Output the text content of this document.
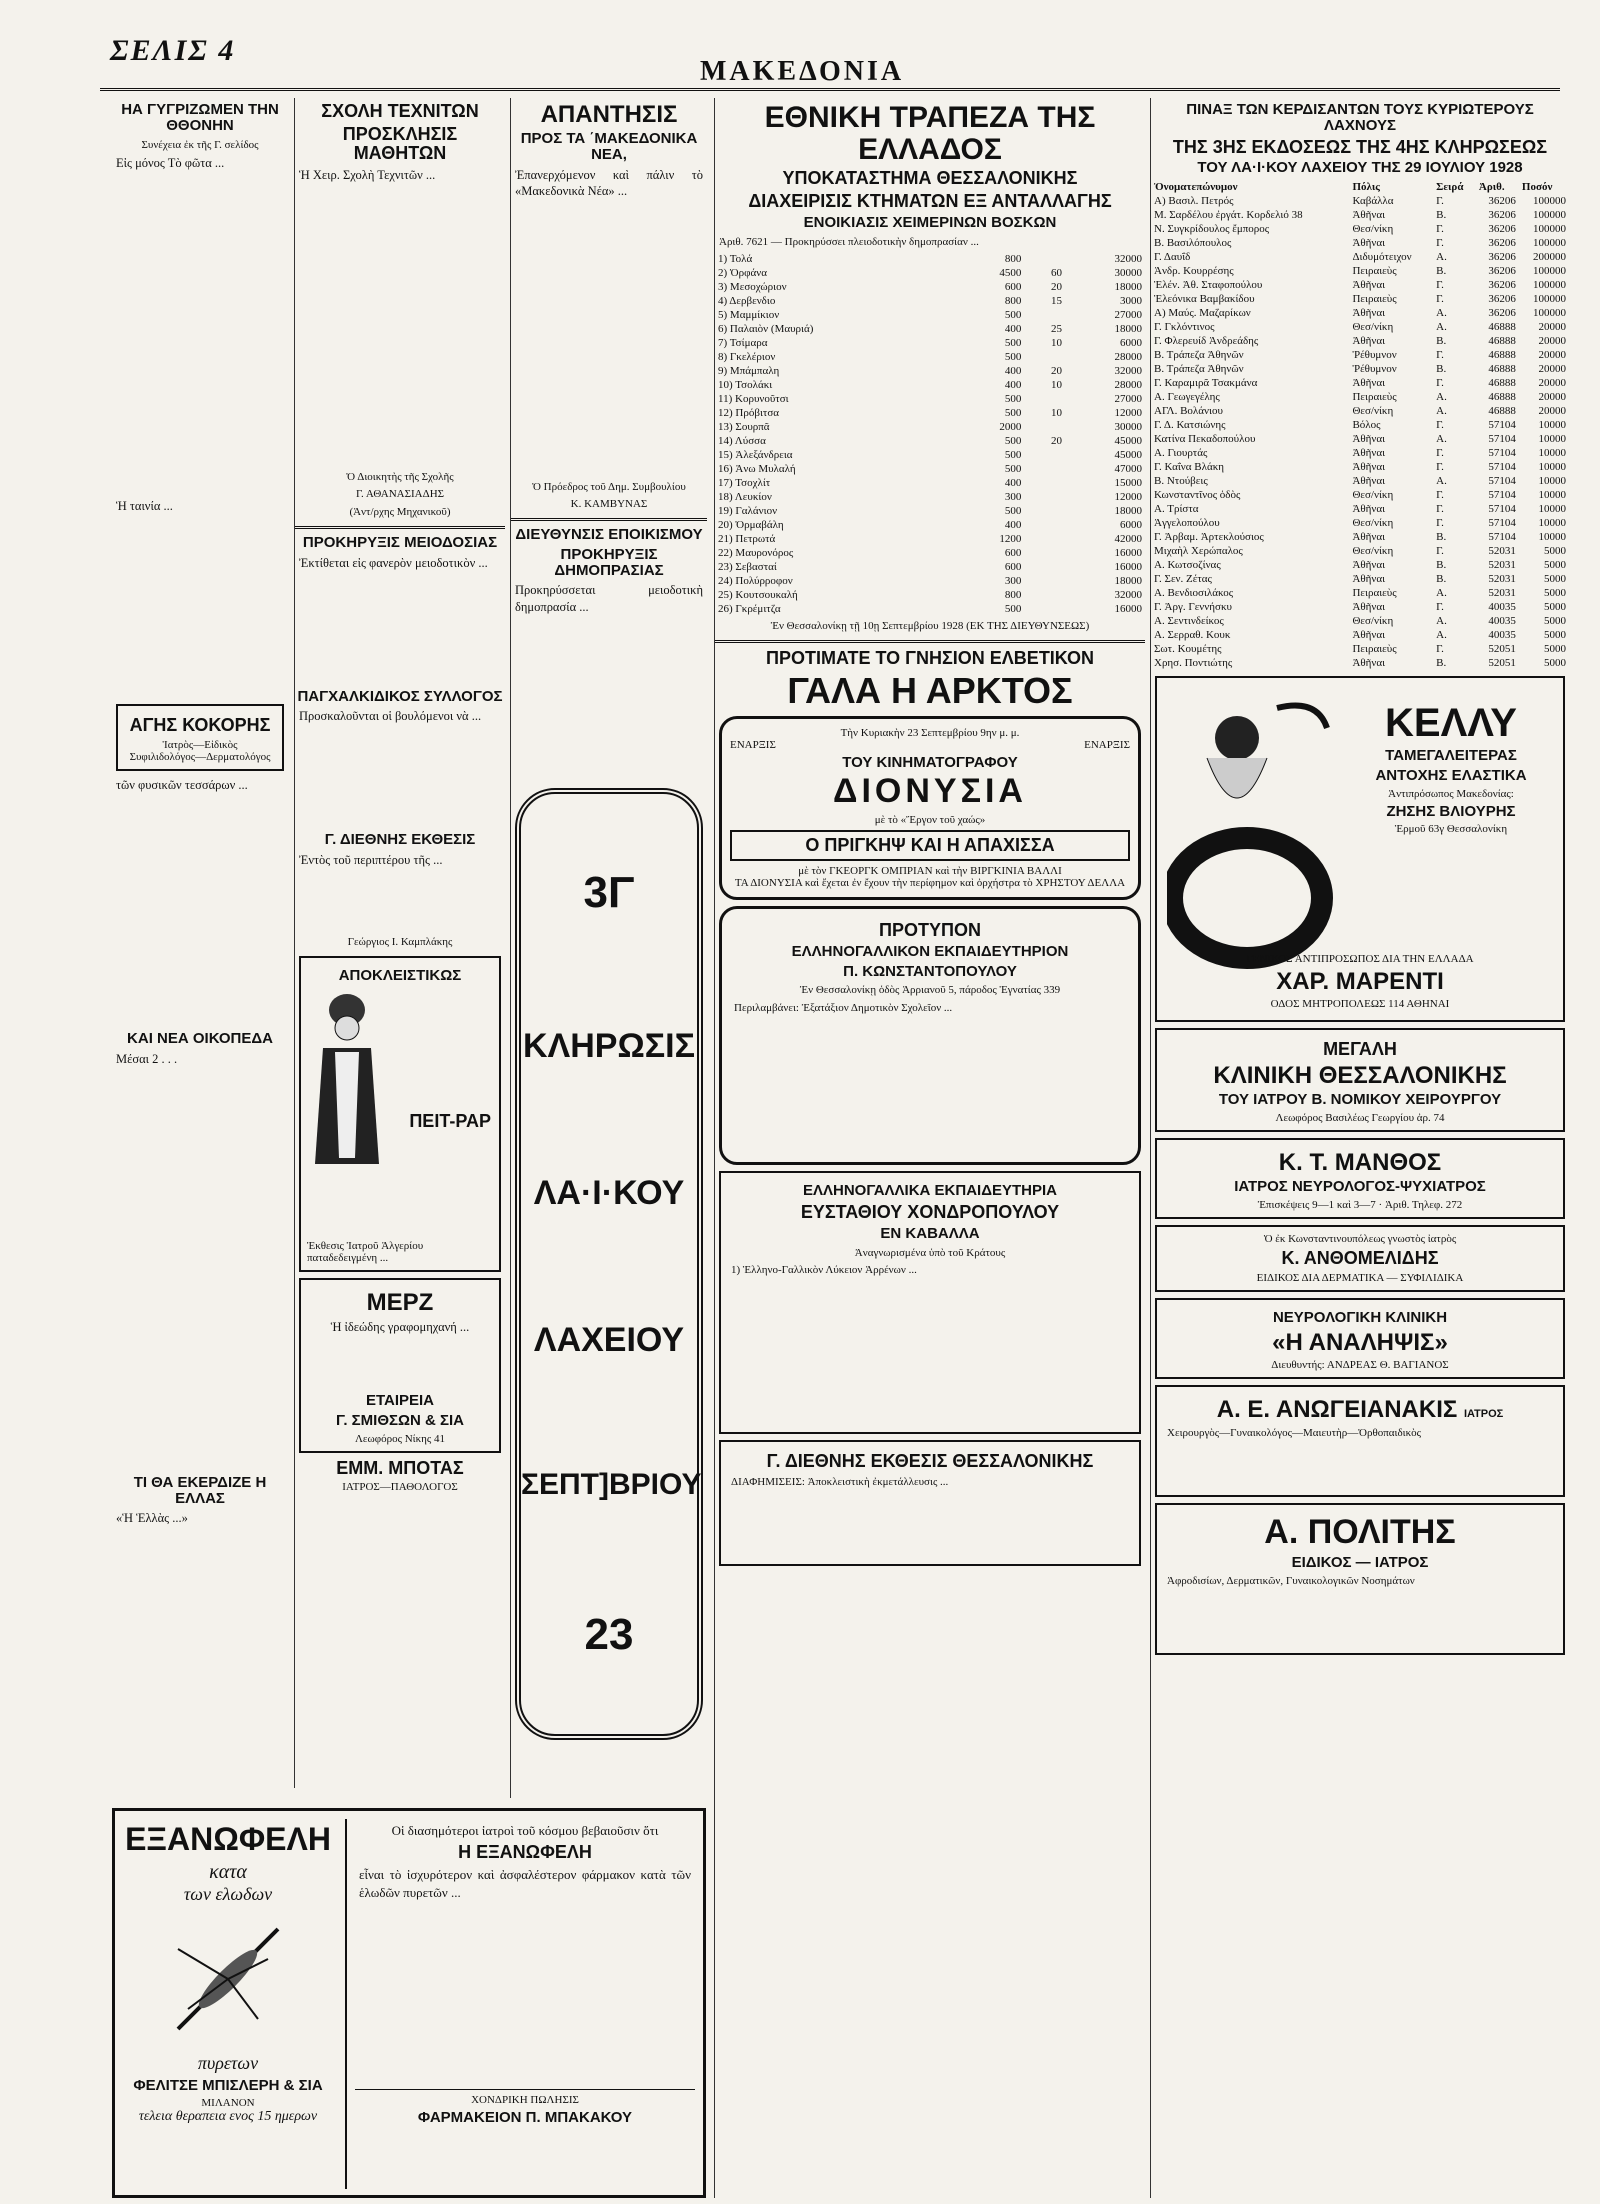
ΣΕΛΙΣ 4
ΜΑΚΕΔΟΝΙΑ
ΗΑ ΓΥΓΡΙΖΩΜΕΝ ΤΗΝ ΘΘΟΝΗΝ
Συνέχεια ἐκ τῆς Γ. σελίδος
Εἰς μόνος Τὸ φῶτα ...
Ἡ ταινία ...
ΑΓΗΣ ΚΟΚΟΡΗΣ
Ἰατρὸς—Εἰδικὸς
Συφιλιδολόγος—Δερματολόγος
τῶν φυσικῶν τεσσάρων ...
ΚΑΙ ΝΕΑ ΟΙΚΟΠΕΔΑ
Μέσαι 2 . . .
ΤΙ ΘΑ ΕΚΕΡΔΙΖΕ Η ΕΛΛΑΣ
«Ἡ Ἑλλὰς ...»
ΣΧΟΛΗ ΤΕΧΝΙΤΩΝ
ΠΡΟΣΚΛΗΣΙΣ ΜΑΘΗΤΩΝ
Ἡ Χειρ. Σχολὴ Τεχνιτῶν ...
Ὁ Διοικητὴς τῆς Σχολῆς
Γ. ΑΘΑΝΑΣΙΑΔΗΣ
(Ἀντ/ρχης Μηχανικοῦ)
ΠΡΟΚΗΡΥΞΙΣ ΜΕΙΟΔΟΣΙΑΣ
Ἐκτίθεται εἰς φανερὸν μειοδοτικὸν ...
ΠΑΓΧΑΛΚΙΔΙΚΟΣ ΣΥΛΛΟΓΟΣ
Προσκαλοῦνται οἱ βουλόμενοι νὰ ...
Γ. ΔΙΕΘΝΗΣ ΕΚΘΕΣΙΣ
Ἐντὸς τοῦ περιπτέρου τῆς ...
Γεώργιος Ι. Καμπλάκης
ΑΠΟΚΛΕΙΣΤΙΚΩΣ
ΠΕΙΤ-ΡΑΡ
Ἐκθεσις Ἰατροῦ Ἀλγερίου παταδεδειγμένη ...
ΜΕΡΖ
Ἡ ἰδεώδης γραφομηχανή ...
ΕΤΑΙΡΕΙΑ
Γ. ΣΜΙΘΣΩΝ & ΣΙΑ
Λεωφόρος Νίκης 41
ΕΜΜ. ΜΠΟΤΑΣ
ΙΑΤΡΟΣ—ΠΑΘΟΛΟΓΟΣ
ΑΠΑΝΤΗΣΙΣ
ΠΡΟΣ ΤΑ ΄ΜΑΚΕΔΟΝΙΚΑ ΝΕΑ,
Ἐπανερχόμενον καὶ πάλιν τὸ «Μακεδονικὰ Νέα» ...
Ὁ Πρόεδρος τοῦ Δημ. Συμβουλίου
Κ. ΚΑΜΒΥΝΑΣ
ΔΙΕΥΘΥΝΣΙΣ ΕΠΟΙΚΙΣΜΟΥ
ΠΡΟΚΗΡΥΞΙΣ ΔΗΜΟΠΡΑΣΙΑΣ
Προκηρύσσεται μειοδοτικὴ δημοπρασία ...
3Γ
ΚΛΗΡΩΣΙΣ
ΛΑ·Ι·ΚΟΥ
ΛΑΧΕΙΟΥ
ΣΕΠΤ]ΒΡΙΟΥ
23
ΕΘΝΙΚΗ ΤΡΑΠΕΖΑ ΤΗΣ ΕΛΛΑΔΟΣ
ΥΠΟΚΑΤΑΣΤΗΜΑ ΘΕΣΣΑΛΟΝΙΚΗΣ
ΔΙΑΧΕΙΡΙΣΙΣ ΚΤΗΜΑΤΩΝ ΕΞ ΑΝΤΑΛΛΑΓΗΣ
ΕΝΟΙΚΙΑΣΙΣ ΧΕΙΜΕΡΙΝΩΝ ΒΟΣΚΩΝ
Ἀριθ. 7621 — Προκηρύσσει πλειοδοτικὴν δημοπρασίαν ...
1) Τολά	800		32000
2) Ὀρφάνα	4500	60	30000
3) Μεσοχώριον	600	20	18000
4) Δερβενδιο	800	15	3000
5) Μαμμίκιον	500		27000
6) Παλαιὸν (Μαυριά)	400	25	18000
7) Τσίμαρα	500	10	6000
8) Γκελέριον	500		28000
9) Μπάμπαλη	400	20	32000
10) Τσολάκι	400	10	28000
11) Κορυνοῦτσι	500		27000
12) Πρόβιτσα	500	10	12000
13) Σουρπᾶ	2000		30000
14) Λύσσα	500	20	45000
15) Ἀλεξάνδρεια	500		45000
16) Ἀνω Μυλαλή	500		47000
17) Τσοχλίτ	400		15000
18) Λευκίον	300		12000
19) Γαλάνιον	500		18000
20) Ὀρμαβάλη	400		6000
21) Πετρωτά	1200		42000
22) Μαυρονόρος	600		16000
23) Σεβασταί	600		16000
24) Πολύρροφον	300		18000
25) Κουτσουκαλή	800		32000
26) Γκρέμιτζα	500		16000
Ἐν Θεσσαλονίκῃ τῇ 10ῃ Σεπτεμβρίου 1928 (ΕΚ ΤΗΣ ΔΙΕΥΘΥΝΣΕΩΣ)
ΠΡΟΤΙΜΑΤΕ ΤΟ ΓΝΗΣΙΟΝ ΕΛΒΕΤΙΚΟΝ
ΓΑΛΑ Η ΑΡΚΤΟΣ
Τὴν Κυριακὴν 23 Σεπτεμβρίου 9ην μ. μ.
ΕΝΑΡΞΙΣ	ΕΝΑΡΞΙΣ
ΤΟΥ ΚΙΝΗΜΑΤΟΓΡΑΦΟΥ
ΔΙΟΝΥΣΙΑ
μὲ τὸ «Ἔργον τοῦ χαώς»
Ο ΠΡΙΓΚΗΨ ΚΑΙ Η ΑΠΑΧΙΣΣΑ
μὲ τὸν ΓΚΕΟΡΓΚ ΟΜΠΡΙΑΝ καὶ τὴν ΒΙΡΓΚΙΝΙΑ ΒΑΛΛΙ
ΤΑ ΔΙΟΝΥΣΙΑ καὶ ἔχεται ἐν ἔχουν τὴν περίφημον καὶ ὀρχήστρα τὸ ΧΡΗΣΤΟΥ ΔΕΛΛΑ
ΠΡΟΤΥΠΟΝ
ΕΛΛΗΝΟΓΑΛΛΙΚΟΝ ΕΚΠΑΙΔΕΥΤΗΡΙΟΝ
Π. ΚΩΝΣΤΑΝΤΟΠΟΥΛΟΥ
Ἐν Θεσσαλονίκῃ ὁδὸς Ἀρριανοῦ 5, πάροδος Ἐγνατίας 339
Περιλαμβάνει: Ἐξατάξιον Δημοτικὸν Σχολεῖον ...
ΕΛΛΗΝΟΓΑΛΛΙΚΑ ΕΚΠΑΙΔΕΥΤΗΡΙΑ
ΕΥΣΤΑΘΙΟΥ ΧΟΝΔΡΟΠΟΥΛΟΥ
ΕΝ ΚΑΒΑΛΛΑ
Ἀναγνωρισμένα ὑπὸ τοῦ Κράτους
1) Ἑλληνο-Γαλλικὸν Λύκειον Ἀρρένων ...
Γ. ΔΙΕΘΝΗΣ ΕΚΘΕΣΙΣ ΘΕΣΣΑΛΟΝΙΚΗΣ
ΔΙΑΦΗΜΙΣΕΙΣ: Ἀποκλειστικὴ ἐκμετάλλευσις ...
ΠΙΝΑΞ ΤΩΝ ΚΕΡΔΙΣΑΝΤΩΝ ΤΟΥΣ ΚΥΡΙΩΤΕΡΟΥΣ ΛΑΧΝΟΥΣ
ΤΗΣ 3ΗΣ ΕΚΔΟΣΕΩΣ ΤΗΣ 4ΗΣ ΚΛΗΡΩΣΕΩΣ
ΤΟΥ ΛΑ·Ι·ΚΟΥ ΛΑΧΕΙΟΥ ΤΗΣ 29 ΙΟΥΛΙΟΥ 1928
Ὀνοματεπώνυμον	Πόλις	Σειρά	Ἀριθ.	Ποσόν
Α) Βασιλ. Πετρός	Καβάλλα	Γ.	36206	100000
Μ. Σαρδέλου ἐργάτ. Κορδελιό 38	Ἀθῆναι	Β.	36206	100000
Ν. Συγκρίδουλος ἔμπορος	Θεσ/νίκη	Γ.	36206	100000
Β. Βασιλόπουλος	Ἀθῆναι	Γ.	36206	100000
Γ. Δαυΐδ	Διδυμότειχον	Α.	36206	200000
Ἀνδρ. Κουρρέσης	Πειραιεὺς	Β.	36206	100000
Ἑλέν. Ἀθ. Σταφοπούλου	Ἀθῆναι	Γ.	36206	100000
Ἑλεόνικα Βαμβακίδου	Πειραιεὺς	Γ.	36206	100000
Α) Μαύς. Μαζαρίκων	Ἀθῆναι	Α.	36206	100000
Γ. Γκλόντινος	Θεσ/νίκη	Α.	46888	20000
Γ. Φλερευίδ Ἀνδρεάδης	Ἀθῆναι	Β.	46888	20000
Β. Τράπεζα Ἀθηνῶν	Ῥέθυμνον	Γ.	46888	20000
Β. Τράπεζα Ἀθηνῶν	Ῥέθυμνον	Β.	46888	20000
Γ. Καραμιρᾶ Τσακμάνα	Ἀθῆναι	Γ.	46888	20000
Α. Γεωγεγέλης	Πειραιεὺς	Α.	46888	20000
ΑΓΛ. Βολάνιου	Θεσ/νίκη	Α.	46888	20000
Γ. Δ. Κατσιώνης	Βόλος	Γ.	57104	10000
Κατίνα Πεκαδοπούλου	Ἀθῆναι	Α.	57104	10000
Α. Γιουρτάς	Ἀθῆναι	Γ.	57104	10000
Γ. Καΐνα Βλάκη	Ἀθῆναι	Γ.	57104	10000
Β. Ντούβεις	Ἀθῆναι	Α.	57104	10000
Κωνσταντῖνος ὁδὸς	Θεσ/νίκη	Γ.	57104	10000
Α. Τρίστα	Ἀθῆναι	Γ.	57104	10000
Ἀγγελοπούλου	Θεσ/νίκη	Γ.	57104	10000
Γ. Ἀρβαμ. Ἀρτεκλούσιος	Ἀθῆναι	Β.	57104	10000
Μιχαὴλ Χερώπαλος	Θεσ/νίκη	Γ.	52031	5000
Α. Κωτσοζίνας	Ἀθῆναι	Β.	52031	5000
Γ. Σεν. Ζέτας	Ἀθῆναι	Β.	52031	5000
Α. Βενδιοσιλάκος	Πειραιεὺς	Α.	52031	5000
Γ. Ἀργ. Γεννήσκυ	Ἀθῆναι	Γ.	40035	5000
Α. Σεντινδείκος	Θεσ/νίκη	Α.	40035	5000
Α. Σερραθ. Κουκ	Ἀθῆναι	Α.	40035	5000
Σωτ. Κουμέτης	Πειραιεὺς	Γ.	52051	5000
Χρησ. Ποντιώτης	Ἀθῆναι	Β.	52051	5000
ΚΕΛΛΥ
ΤΑΜΕΓΑΛΕΙΤΕΡΑΣ
ΑΝΤΟΧΗΣ ΕΛΑΣΤΙΚΑ
Ἀντιπρόσωπος Μακεδονίας:
ΖΗΣΗΣ ΒΛΙΟΥΡΗΣ
Ἑρμοῦ 63γ Θεσσαλονίκη
ΓΕΝΙΚΟΣ ΑΝΤΙΠΡΟΣΩΠΟΣ ΔΙΑ ΤΗΝ ΕΛΛΑΔΑ
ΧΑΡ. ΜΑΡΕΝΤΙ
ΟΔΟΣ ΜΗΤΡΟΠΟΛΕΩΣ 114 ΑΘΗΝΑΙ
ΜΕΓΑΛΗ
ΚΛΙΝΙΚΗ ΘΕΣΣΑΛΟΝΙΚΗΣ
ΤΟΥ ΙΑΤΡΟΥ Β. ΝΟΜΙΚΟΥ ΧΕΙΡΟΥΡΓΟΥ
Λεωφόρος Βασιλέως Γεωργίου ἀρ. 74
Κ. Τ. ΜΑΝΘΟΣ
ΙΑΤΡΟΣ ΝΕΥΡΟΛΟΓΟΣ-ΨΥΧΙΑΤΡΟΣ
Ἐπισκέψεις 9—1 καὶ 3—7 · Ἀριθ. Τηλεφ. 272
Ὁ ἐκ Κωνσταντινουπόλεως γνωστὸς ἰατρὸς
Κ. ΑΝΘΟΜΕΛΙΔΗΣ
ΕΙΔΙΚΟΣ ΔΙΑ ΔΕΡΜΑΤΙΚΑ — ΣΥΦΙΛΙΔΙΚΑ
ΝΕΥΡΟΛΟΓΙΚΗ ΚΛΙΝΙΚΗ
«Η ΑΝΑΛΗΨΙΣ»
Διευθυντής: ΑΝΔΡΕΑΣ Θ. ΒΑΓΙΑΝΟΣ
Α. Ε. ΑΝΩΓΕΙΑΝΑΚΙΣ ΙΑΤΡΟΣ
Χειρουργὸς—Γυναικολόγος—Μαιευτὴρ—Ὀρθοπαιδικὸς
Α. ΠΟΛΙΤΗΣ
ΕΙΔΙΚΟΣ — ΙΑΤΡΟΣ
Ἀφροδισίων, Δερματικῶν, Γυναικολογικῶν Νοσημάτων
ΕΞΑΝΩΦΕΛΗ
κατα
των ελωδων
πυρετων
ΦΕΛΙΤΣΕ ΜΠΙΣΛΕΡΗ & ΣΙΑ
ΜΙΛΑΝΟΝ
τελεια θεραπεια ενος 15 ημερων
Οἱ διασημότεροι ἰατροὶ τοῦ κόσμου βεβαιοῦσιν ὅτι
Η ΕΞΑΝΩΦΕΛΗ
εἶναι τὸ ἰσχυρότερον καὶ ἀσφαλέστερον φάρμακον κατὰ τῶν ἑλωδῶν πυρετῶν ...
ΧΟΝΔΡΙΚΗ ΠΩΛΗΣΙΣ
ΦΑΡΜΑΚΕΙΟΝ Π. ΜΠΑΚΑΚΟΥ
